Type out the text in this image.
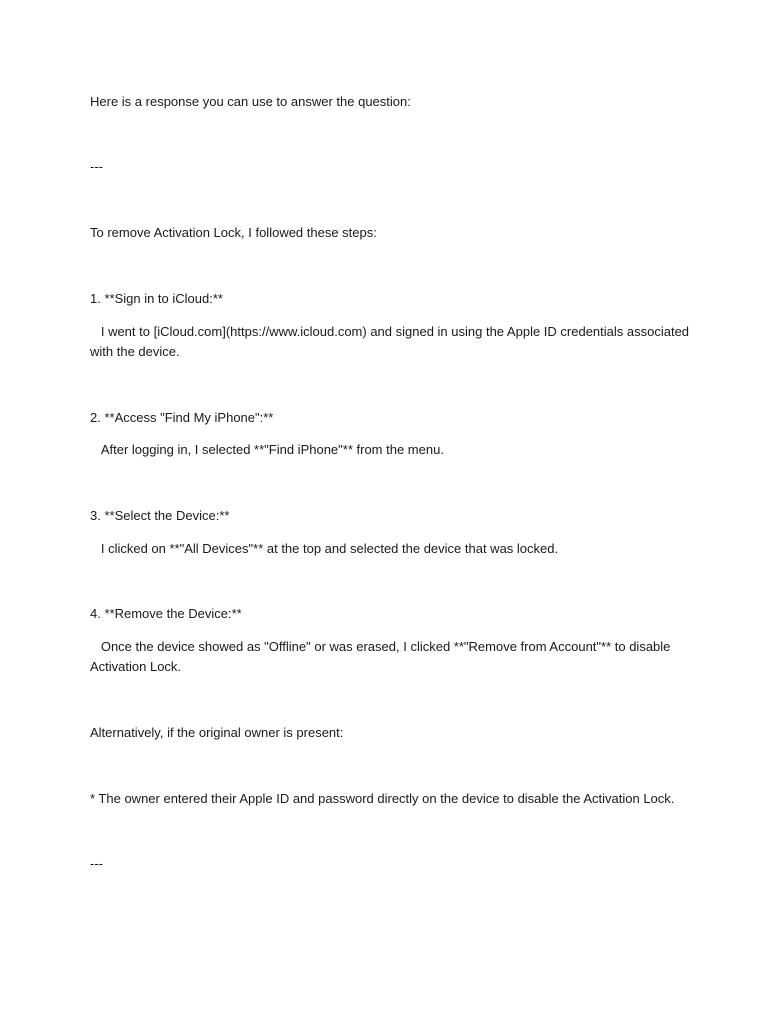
Here is a response you can use to answer the question:
---
To remove Activation Lock, I followed these steps:
1. **Sign in to iCloud:**
I went to [iCloud.com](https://www.icloud.com) and signed in using the Apple ID credentials associated with the device.
2. **Access "Find My iPhone":**
After logging in, I selected **"Find iPhone"** from the menu.
3. **Select the Device:**
I clicked on **"All Devices"** at the top and selected the device that was locked.
4. **Remove the Device:**
Once the device showed as "Offline" or was erased, I clicked **"Remove from Account"** to disable Activation Lock.
Alternatively, if the original owner is present:
* The owner entered their Apple ID and password directly on the device to disable the Activation Lock.
---
